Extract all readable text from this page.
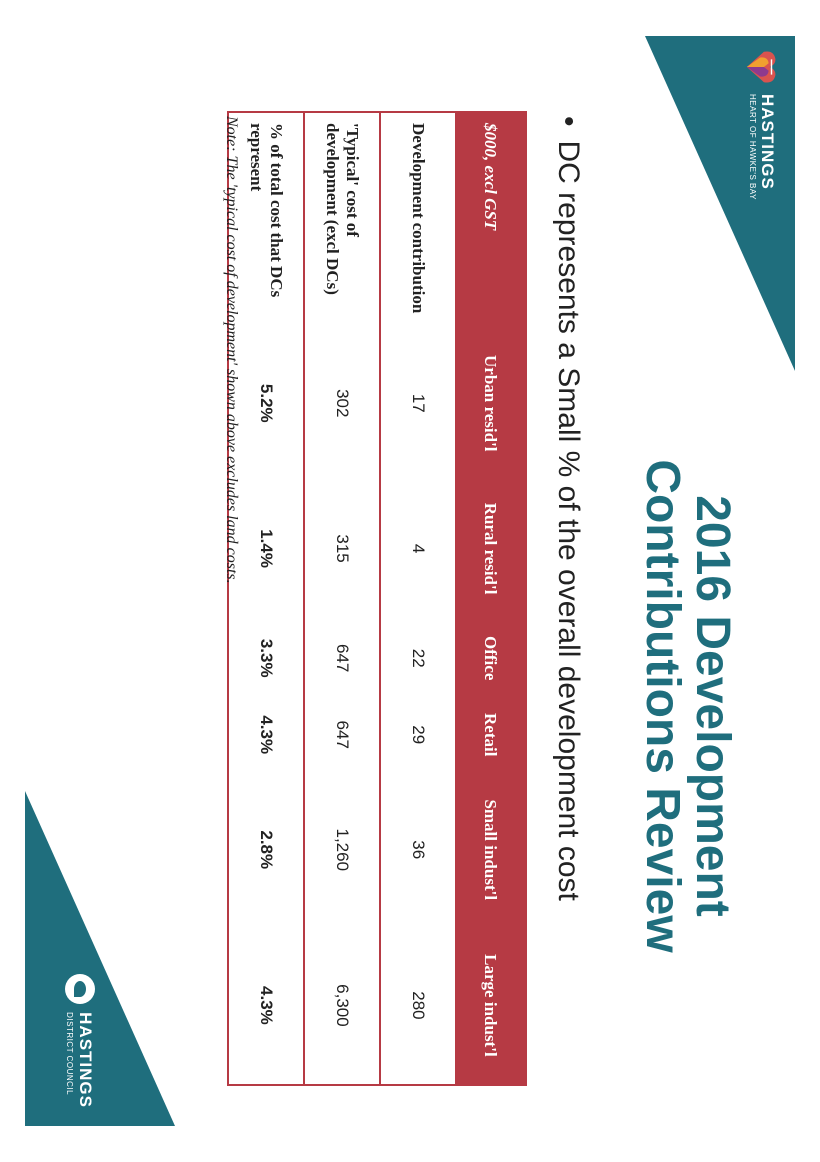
HASTINGS
HEART OF HAWKE'S BAY
2016 Development
Contributions Review
•
DC represents a Small % of the overall development cost
$000, excl GST	Urban resid'l	Rural resid'l	Office	Retail	Small indust'l	Large indust'l
Development contribution	17	4	22	29	36	280
'Typical' cost of development (excl DCs)	302	315	647	647	1,260	6,300
% of total cost that DCs represent	5.2%	1.4%	3.3%	4.3%	2.8%	4.3%
Note: The 'typical cost of development' shown above excludes land costs.
HASTINGS
DISTRICT COUNCIL
